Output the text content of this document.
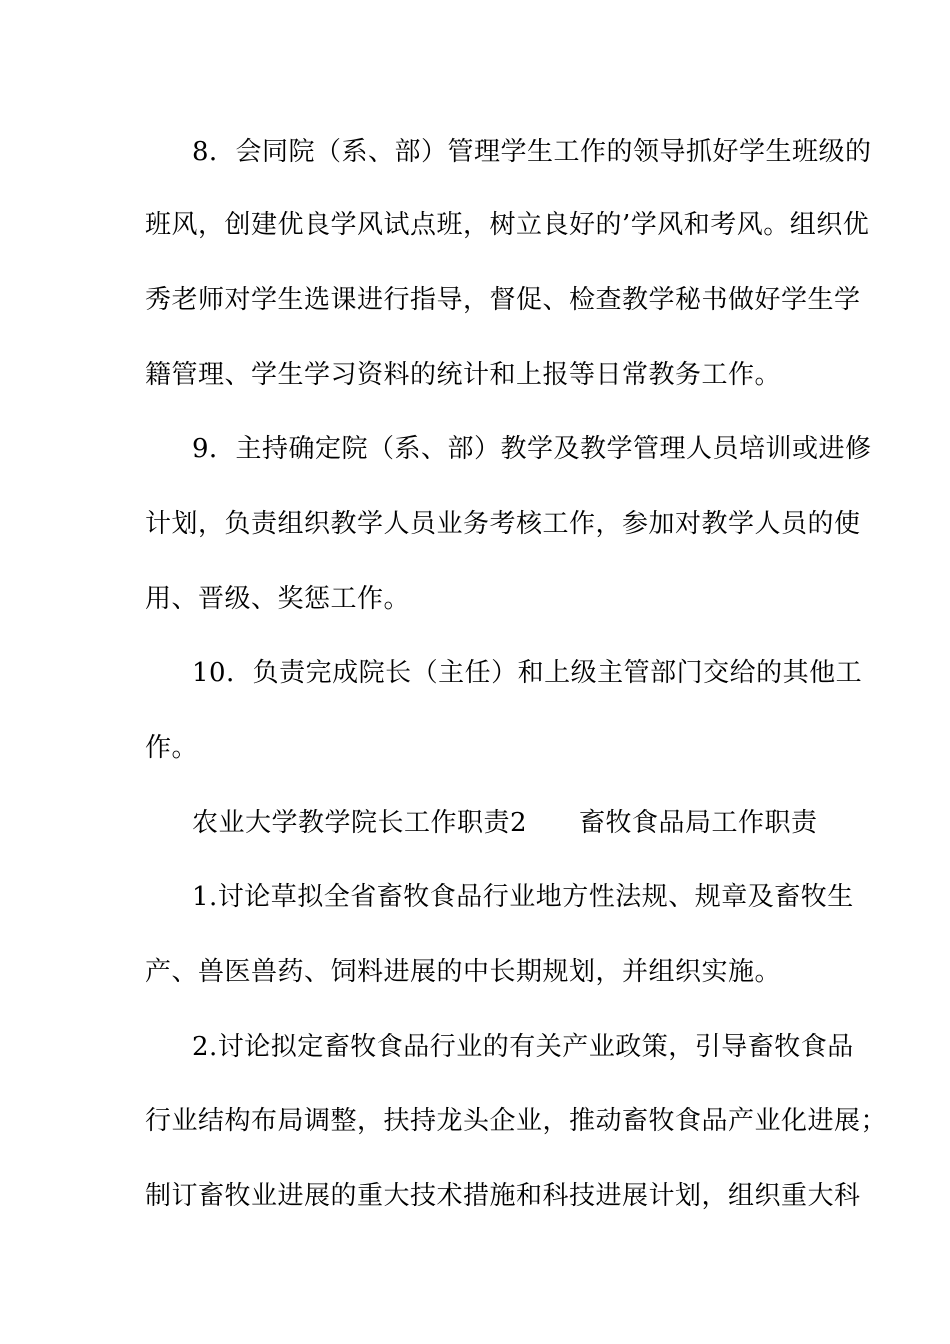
8．会同院（系、部）管理学生工作的领导抓好学生班级的
班风，创建优良学风试点班，树立良好的’学风和考风。组织优
秀老师对学生选课进行指导，督促、检查教学秘书做好学生学
籍管理、学生学习资料的统计和上报等日常教务工作。
9．主持确定院（系、部）教学及教学管理人员培训或进修
计划，负责组织教学人员业务考核工作，参加对教学人员的使
用、晋级、奖惩工作。
10．负责完成院长（主任）和上级主管部门交给的其他工
作。
农业大学教学院长工作职责2 畜牧食品局工作职责
1.讨论草拟全省畜牧食品行业地方性法规、规章及畜牧生
产、兽医兽药、饲料进展的中长期规划，并组织实施。
2.讨论拟定畜牧食品行业的有关产业政策，引导畜牧食品
行业结构布局调整，扶持龙头企业，推动畜牧食品产业化进展；
制订畜牧业进展的重大技术措施和科技进展计划，组织重大科
